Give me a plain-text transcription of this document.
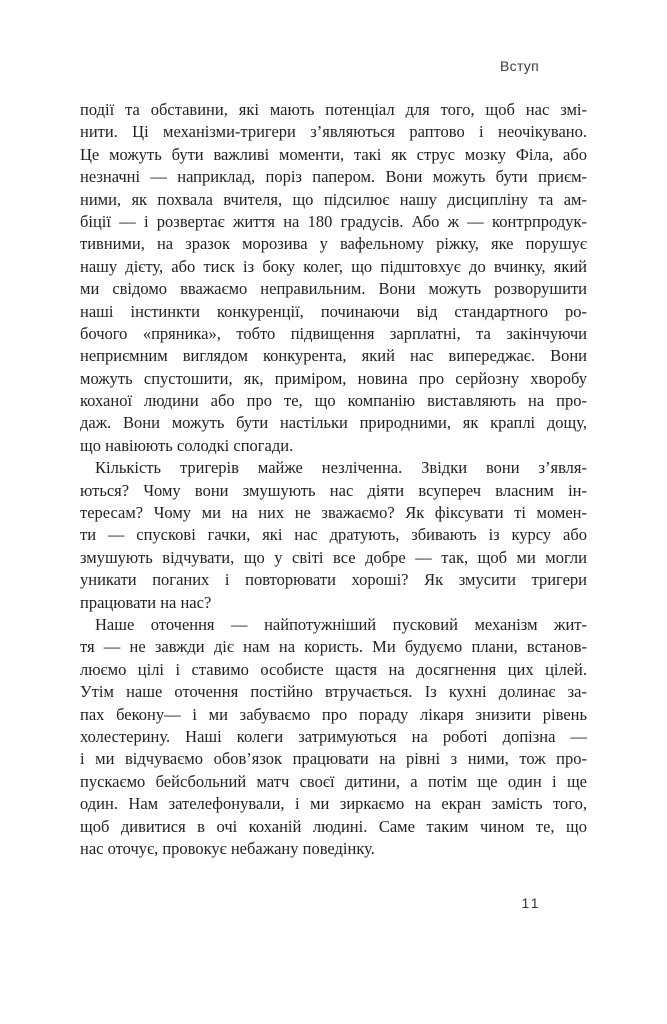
Вступ
події та обставини, які мають потенціал для того, щоб нас змі-
нити. Ці механізми-тригери з’являються раптово і неочікувано.
Це можуть бути важливі моменти, такі як струс мозку Філа, або
незначні — наприклад, поріз папером. Вони можуть бути приєм-
ними, як похвала вчителя, що підсилює нашу дисципліну та ам-
біції — і розвертає життя на 180 градусів. Або ж — контрпродук-
тивними, на зразок морозива у вафельному ріжку, яке порушує
нашу дієту, або тиск із боку колег, що підштовхує до вчинку, який
ми свідомо вважаємо неправильним. Вони можуть розворушити
наші інстинкти конкуренції, починаючи від стандартного ро-
бочого «пряника», тобто підвищення зарплатні, та закінчуючи
неприємним виглядом конкурента, який нас випереджає. Вони
можуть спустошити, як, приміром, новина про серйозну хворобу
коханої людини або про те, що компанію виставляють на про-
даж. Вони можуть бути настільки природними, як краплі дощу,
що навіюють солодкі спогади.
Кількість тригерів майже незліченна. Звідки вони з’явля-
ються? Чому вони змушують нас діяти всупереч власним ін-
тересам? Чому ми на них не зважаємо? Як фіксувати ті момен-
ти — спускові гачки, які нас дратують, збивають із курсу або
змушують відчувати, що у світі все добре — так, щоб ми могли
уникати поганих і повторювати хороші? Як змусити тригери
працювати на нас?
Наше оточення — найпотужніший пусковий механізм жит-
тя — не завжди діє нам на користь. Ми будуємо плани, встанов-
люємо цілі і ставимо особисте щастя на досягнення цих цілей.
Утім наше оточення постійно втручається. Із кухні долинає за-
пах бекону— і ми забуваємо про пораду лікаря знизити рівень
холестерину. Наші колеги затримуються на роботі допізна —
і ми відчуваємо обов’язок працювати на рівні з ними, тож про-
пускаємо бейсбольний матч своєї дитини, а потім ще один і ще
один. Нам зателефонували, і ми зиркаємо на екран замість того,
щоб дивитися в очі коханій людині. Саме таким чином те, що
нас оточує, провокує небажану поведінку.
11
